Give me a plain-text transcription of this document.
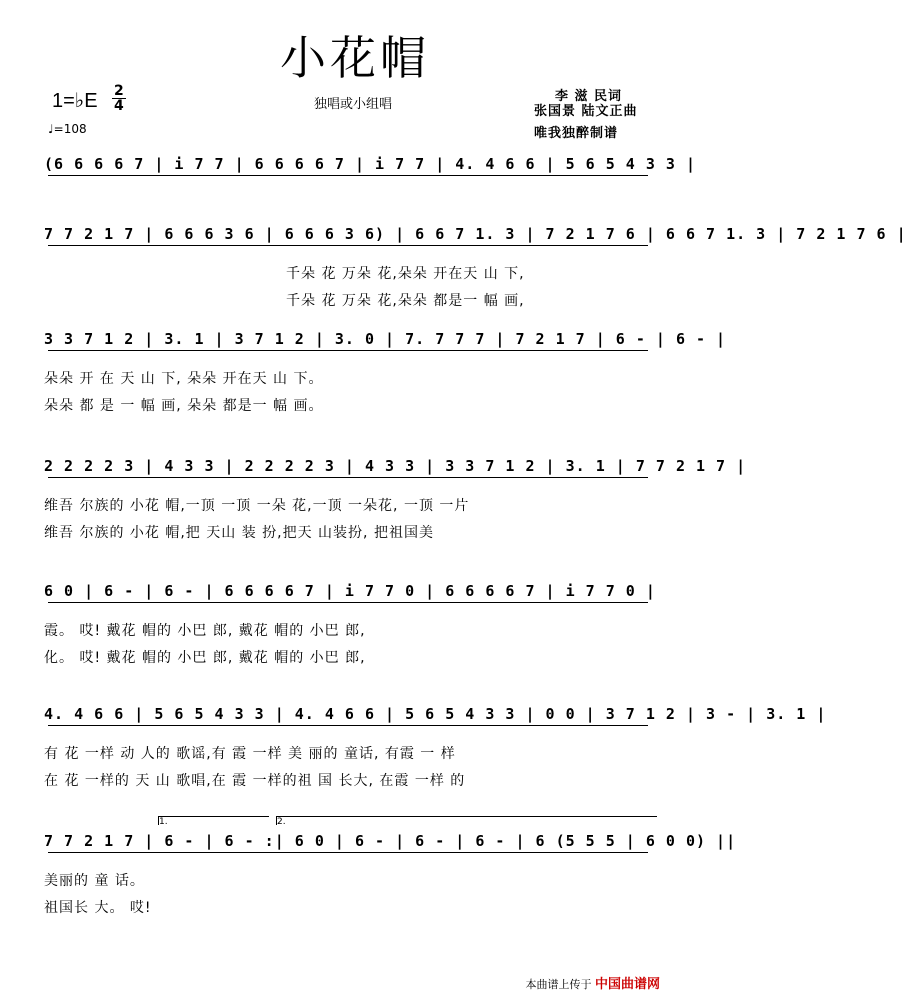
小花帽
1=♭E 2
4
♩=108
独唱或小组唱
李 滋 民词
张国景 陆文正曲
唯我独醉制谱
(6 6 6 6 7 | i 7 7 | 6 6 6 6 7 | i 7 7 | 4. 4 6 6 | 5 6 5 4 3 3 |
7 7 2 1 7 | 6 6 6 3 6 | 6 6 6 3 6) | 6 6 7 1. 3 | 7 2 1 7 6 | 6 6 7 1. 3 | 7 2 1 7 6 |
千朵 花 万朵 花,朵朵 开在天 山 下,
千朵 花 万朵 花,朵朵 都是一 幅 画,
3 3 7 1 2 | 3. 1 | 3 7 1 2 | 3. 0 | 7. 7 7 7 | 7 2 1 7 | 6 - | 6 - |
朵朵 开 在 天 山 下, 朵朵 开在天 山 下。
朵朵 都 是 一 幅 画, 朵朵 都是一 幅 画。
2 2 2 2 3 | 4 3 3 | 2 2 2 2 3 | 4 3 3 | 3 3 7 1 2 | 3. 1 | 7 7 2 1 7 |
维吾 尔族的 小花 帽,一顶 一顶 一朵 花,一顶 一朵花, 一顶 一片
维吾 尔族的 小花 帽,把 天山 装 扮,把天 山装扮, 把祖国美
6 0 | 6 - | 6 - | 6 6 6 6 7 | i 7 7 0 | 6 6 6 6 7 | i 7 7 0 |
霞。 哎! 戴花 帽的 小巴 郎, 戴花 帽的 小巴 郎,
化。 哎! 戴花 帽的 小巴 郎, 戴花 帽的 小巴 郎,
4. 4 6 6 | 5 6 5 4 3 3 | 4. 4 6 6 | 5 6 5 4 3 3 | 0 0 | 3 7 1 2 | 3 - | 3. 1 |
有 花 一样 动 人的 歌谣,有 霞 一样 美 丽的 童话, 有霞 一 样
在 花 一样的 天 山 歌唱,在 霞 一样的祖 国 长大, 在霞 一样 的
7 7 2 1 7 | 6 - | 6 - :| 6 0 | 6 - | 6 - | 6 - | 6 (5 5 5 | 6 0 0) ||
美丽的 童 话。
祖国长 大。 哎!
1.	2.
本曲谱上传于 中国曲谱网
